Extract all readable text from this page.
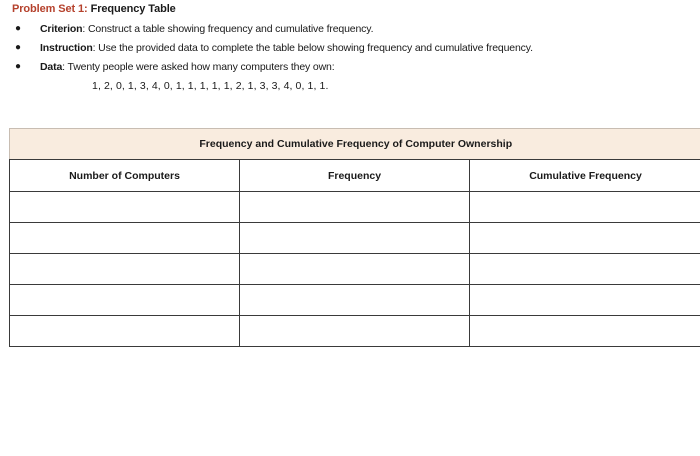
Problem Set 1: Frequency Table
● Criterion: Construct a table showing frequency and cumulative frequency.
● Instruction: Use the provided data to complete the table below showing frequency and cumulative frequency.
● Data: Twenty people were asked how many computers they own:
1, 2, 0, 1, 3, 4, 0, 1, 1, 1, 1, 1, 2, 1, 3, 3, 4, 0, 1, 1.
Frequency and Cumulative Frequency of Computer Ownership		
Number of Computers	Frequency	Cumulative Frequency
